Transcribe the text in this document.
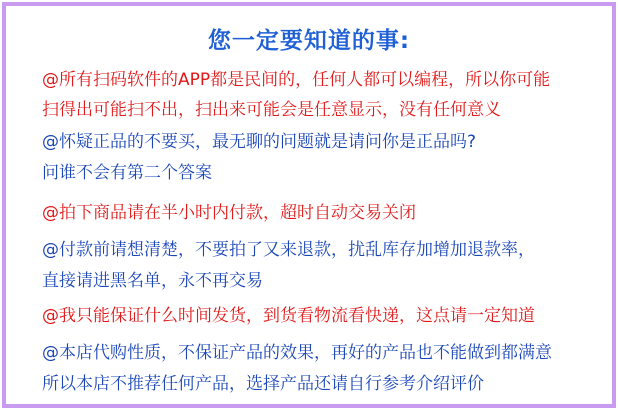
您一定要知道的事:
@所有扫码软件的APP都是民间的，任何人都可以编程，所以你可能
扫得出可能扫不出，扫出来可能会是任意显示，没有任何意义
@怀疑正品的不要买，最无聊的问题就是请问你是正品吗?
问谁不会有第二个答案
@拍下商品请在半小时内付款，超时自动交易关闭
@付款前请想清楚，不要拍了又来退款，扰乱库存加增加退款率，
直接请进黑名单，永不再交易
@我只能保证什么时间发货，到货看物流看快递，这点请一定知道
@本店代购性质，不保证产品的效果，再好的产品也不能做到都满意
所以本店不推荐任何产品，选择产品还请自行参考介绍评价
